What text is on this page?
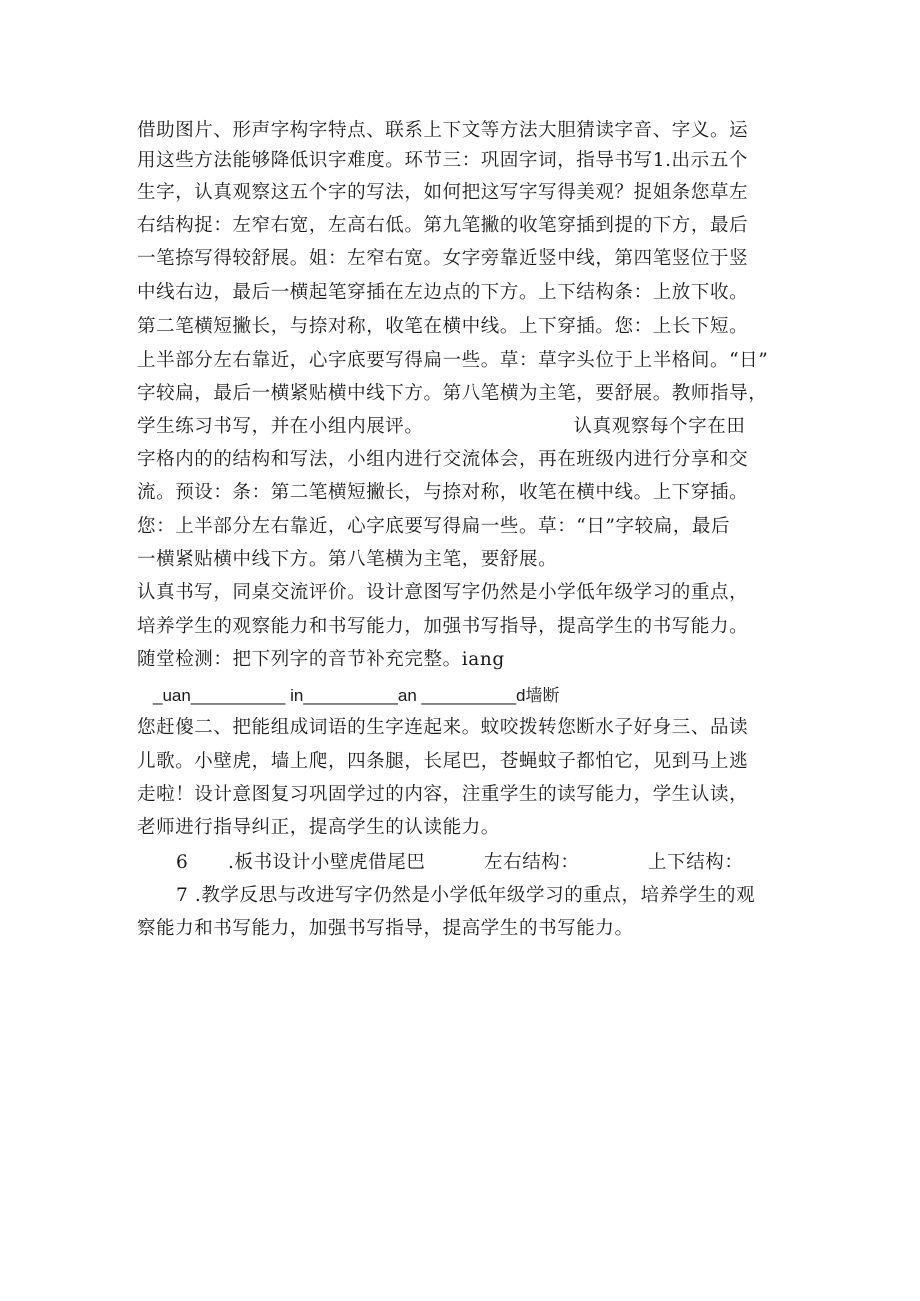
借助图片、形声字构字特点、联系上下文等方法大胆猜读字音、字义。运
用这些方法能够降低识字难度。环节三：巩固字词，指导书写1.出示五个
生字，认真观察这五个字的写法，如何把这写字写得美观？捉姐条您草左
右结构捉：左窄右宽，左高右低。第九笔撇的收笔穿插到提的下方，最后
一笔捺写得较舒展。姐：左窄右宽。女字旁靠近竖中线，第四笔竖位于竖
中线右边，最后一横起笔穿插在左边点的下方。上下结构条：上放下收。
第二笔横短撇长，与捺对称，收笔在横中线。上下穿插。您：上长下短。
上半部分左右靠近，心字底要写得扁一些。草：草字头位于上半格间。“日”
字较扁，最后一横紧贴横中线下方。第八笔横为主笔，要舒展。教师指导，
学生练习书写，并在小组内展评。	认真观察每个字在田
字格内的的结构和写法，小组内进行交流体会，再在班级内进行分享和交
流。预设：条：第二笔横短撇长，与捺对称，收笔在横中线。上下穿插。
您：上半部分左右靠近，心字底要写得扁一些。草：“日”字较扁，最后
一横紧贴横中线下方。第八笔横为主笔，要舒展。
认真书写，同桌交流评价。设计意图写字仍然是小学低年级学习的重点，
培养学生的观察能力和书写能力，加强书写指导，提高学生的书写能力。
随堂检测：把下列字的音节补充完整。iang
_uan__________ in__________an __________d墙断
您赶傻二、把能组成词语的生字连起来。蚊咬拨转您断水子好身三、品读
儿歌。小壁虎，墙上爬，四条腿，长尾巴，苍蝇蚊子都怕它，见到马上逃
走啦！设计意图复习巩固学过的内容，注重学生的读写能力，学生认读，
老师进行指导纠正，提高学生的认读能力。
6 .板书设计小壁虎借尾巴	左右结构：	上下结构：
7 .教学反思与改进写字仍然是小学低年级学习的重点，培养学生的观
察能力和书写能力，加强书写指导，提高学生的书写能力。
